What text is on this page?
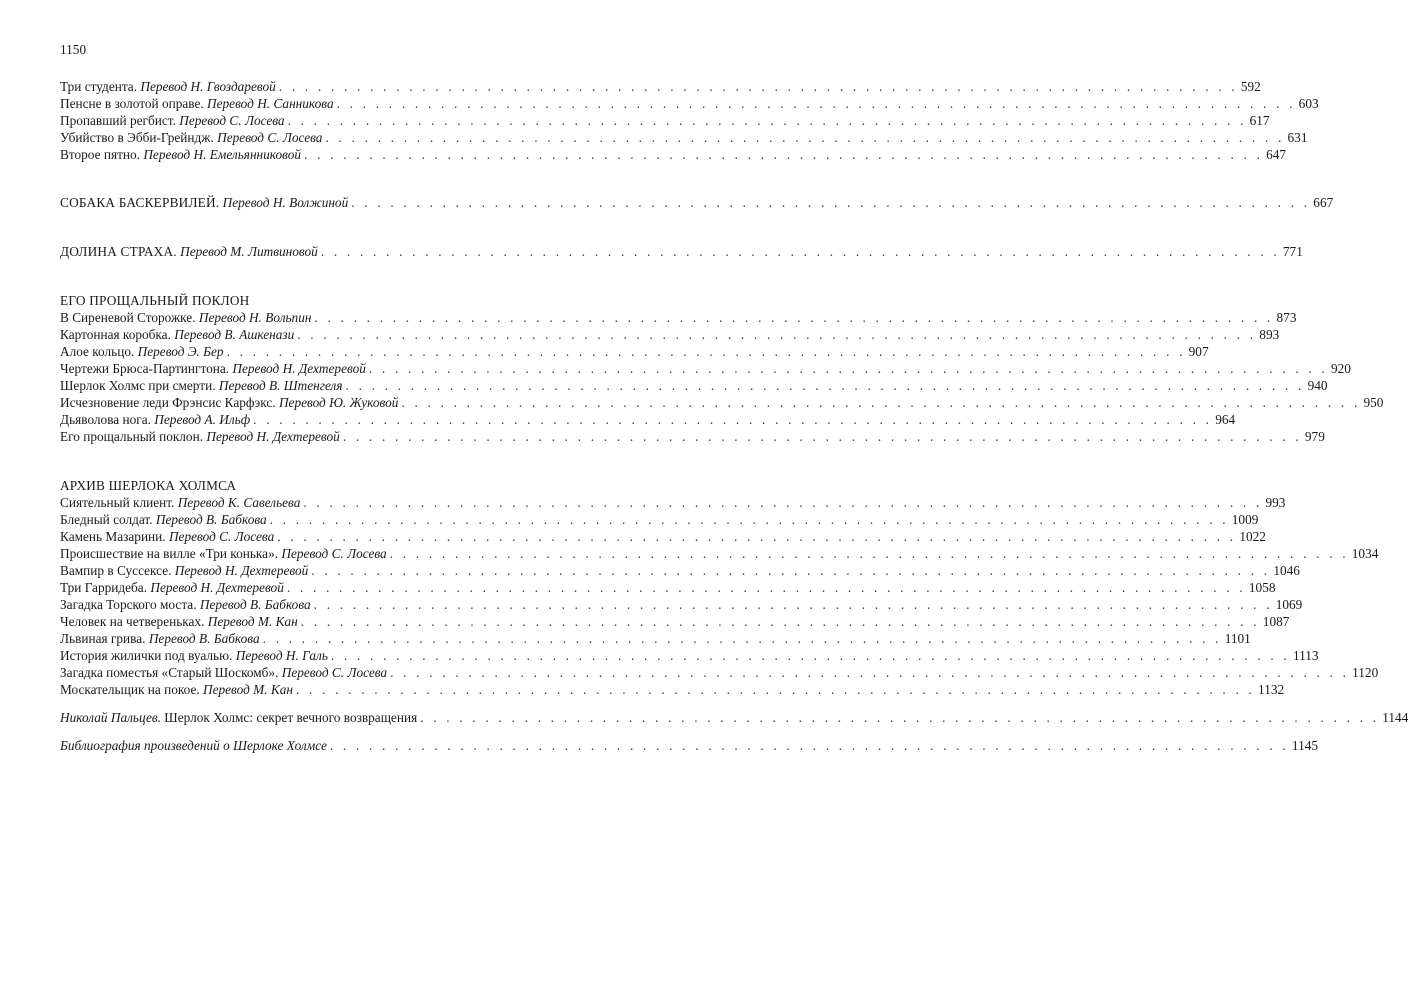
1150
Три студента.
Перевод Н. Гвоздаревой . . . . . . . . . . . . . . . . . . . . . . . . . . . . . . . . . . . . . . . . . . . . . . . . . . . . . . . . . . . . . . . . . . . . . . . . . . 592
Пенсне в золотой оправе.
Перевод Н. Санникова . . . . . . . . . . . . . . . . . . . . . . . . . . . . . . . . . . . . . . . . . . . . . . . . . . . . . . . . . . . . . . . . . . . . . . . . . . 603
Пропавший регбист.
Перевод С. Лосева . . . . . . . . . . . . . . . . . . . . . . . . . . . . . . . . . . . . . . . . . . . . . . . . . . . . . . . . . . . . . . . . . . . . . . . . . . 617
Убийство в Эбби-Грейндж.
Перевод С. Лосева . . . . . . . . . . . . . . . . . . . . . . . . . . . . . . . . . . . . . . . . . . . . . . . . . . . . . . . . . . . . . . . . . . . . . . . . . . 631
Второе пятно.
Перевод Н. Емельянниковой . . . . . . . . . . . . . . . . . . . . . . . . . . . . . . . . . . . . . . . . . . . . . . . . . . . . . . . . . . . . . . . . . . . . . . . . . . 647
СОБАКА БАСКЕРВИЛЕЙ.
Перевод Н. Волжиной . . . . . . . . . . . . . . . . . . . . . . . . . . . . . . . . . . . . . . . . . . . . . . . . . . . . . . . . . . . . . . . . . . . . . . . . . . 667
ДОЛИНА СТРАХА.
Перевод М. Литвиновой . . . . . . . . . . . . . . . . . . . . . . . . . . . . . . . . . . . . . . . . . . . . . . . . . . . . . . . . . . . . . . . . . . . . . . . . . . 771
ЕГО ПРОЩАЛЬНЫЙ ПОКЛОН
В Сиреневой Сторожке.
Перевод Н. Вольпин . . . . . . . . . . . . . . . . . . . . . . . . . . . . . . . . . . . . . . . . . . . . . . . . . . . . . . . . . . . . . . . . . . . . . . . . . . 873
Картонная коробка.
Перевод В. Ашкенази . . . . . . . . . . . . . . . . . . . . . . . . . . . . . . . . . . . . . . . . . . . . . . . . . . . . . . . . . . . . . . . . . . . . . . . . . . 893
Алое кольцо.
Перевод Э. Бер . . . . . . . . . . . . . . . . . . . . . . . . . . . . . . . . . . . . . . . . . . . . . . . . . . . . . . . . . . . . . . . . . . . . . . . . . . 907
Чертежи Брюса-Партингтона.
Перевод Н. Дехтеревой . . . . . . . . . . . . . . . . . . . . . . . . . . . . . . . . . . . . . . . . . . . . . . . . . . . . . . . . . . . . . . . . . . . . . . . . . . 920
Шерлок Холмс при смерти.
Перевод В. Штенгеля . . . . . . . . . . . . . . . . . . . . . . . . . . . . . . . . . . . . . . . . . . . . . . . . . . . . . . . . . . . . . . . . . . . . . . . . . . 940
Исчезновение леди Фрэнсис Карфэкс.
Перевод Ю. Жуковой . . . . . . . . . . . . . . . . . . . . . . . . . . . . . . . . . . . . . . . . . . . . . . . . . . . . . . . . . . . . . . . . . . . . . . . . . . 950
Дьяволова нога.
Перевод А. Ильф . . . . . . . . . . . . . . . . . . . . . . . . . . . . . . . . . . . . . . . . . . . . . . . . . . . . . . . . . . . . . . . . . . . . . . . . . . 964
Его прощальный поклон.
Перевод Н. Дехтеревой . . . . . . . . . . . . . . . . . . . . . . . . . . . . . . . . . . . . . . . . . . . . . . . . . . . . . . . . . . . . . . . . . . . . . . . . . . 979
АРХИВ ШЕРЛОКА ХОЛМСА
Сиятельный клиент.
Перевод К. Савельева . . . . . . . . . . . . . . . . . . . . . . . . . . . . . . . . . . . . . . . . . . . . . . . . . . . . . . . . . . . . . . . . . . . . . . . . . . 993
Бледный солдат.
Перевод В. Бабкова . . . . . . . . . . . . . . . . . . . . . . . . . . . . . . . . . . . . . . . . . . . . . . . . . . . . . . . . . . . . . . . . . . . . . . . . . . 1009
Камень Мазарини.
Перевод С. Лосева . . . . . . . . . . . . . . . . . . . . . . . . . . . . . . . . . . . . . . . . . . . . . . . . . . . . . . . . . . . . . . . . . . . . . . . . . . 1022
Происшествие на вилле «Три конька».
Перевод С. Лосева . . . . . . . . . . . . . . . . . . . . . . . . . . . . . . . . . . . . . . . . . . . . . . . . . . . . . . . . . . . . . . . . . . . . . . . . . . 1034
Вампир в Суссексе.
Перевод Н. Дехтеревой . . . . . . . . . . . . . . . . . . . . . . . . . . . . . . . . . . . . . . . . . . . . . . . . . . . . . . . . . . . . . . . . . . . . . . . . . . 1046
Три Гарридеба.
Перевод Н. Дехтеревой . . . . . . . . . . . . . . . . . . . . . . . . . . . . . . . . . . . . . . . . . . . . . . . . . . . . . . . . . . . . . . . . . . . . . . . . . . 1058
Загадка Торского моста.
Перевод В. Бабкова . . . . . . . . . . . . . . . . . . . . . . . . . . . . . . . . . . . . . . . . . . . . . . . . . . . . . . . . . . . . . . . . . . . . . . . . . . 1069
Человек на четвереньках.
Перевод М. Кан . . . . . . . . . . . . . . . . . . . . . . . . . . . . . . . . . . . . . . . . . . . . . . . . . . . . . . . . . . . . . . . . . . . . . . . . . . 1087
Львиная грива.
Перевод В. Бабкова . . . . . . . . . . . . . . . . . . . . . . . . . . . . . . . . . . . . . . . . . . . . . . . . . . . . . . . . . . . . . . . . . . . . . . . . . . 1101
История жилички под вуалью.
Перевод Н. Галь . . . . . . . . . . . . . . . . . . . . . . . . . . . . . . . . . . . . . . . . . . . . . . . . . . . . . . . . . . . . . . . . . . . . . . . . . . 1113
Загадка поместья «Старый Шоскомб».
Перевод С. Лосева . . . . . . . . . . . . . . . . . . . . . . . . . . . . . . . . . . . . . . . . . . . . . . . . . . . . . . . . . . . . . . . . . . . . . . . . . . 1120
Москательщик на покое.
Перевод М. Кан . . . . . . . . . . . . . . . . . . . . . . . . . . . . . . . . . . . . . . . . . . . . . . . . . . . . . . . . . . . . . . . . . . . . . . . . . . 1132
Николай Пальцев.
Шерлок Холмс: секрет вечного возвращения . . . . . . . . . . . . . . . . . . . . . . . . . . . . . . . . . . . . . . . . . . . . . . . . . . . . . . . . . . . . . . . . . . . . . . . . . . 1144
Библиография произведений о Шерлоке Холмсе . . . . . . . . . . . . . . . . . . . . . . . . . . . . . . . . . . . . . . . . . . . . . . . . . . . . . . . . . . . . . . . . . . . . . . . . . . 1145
